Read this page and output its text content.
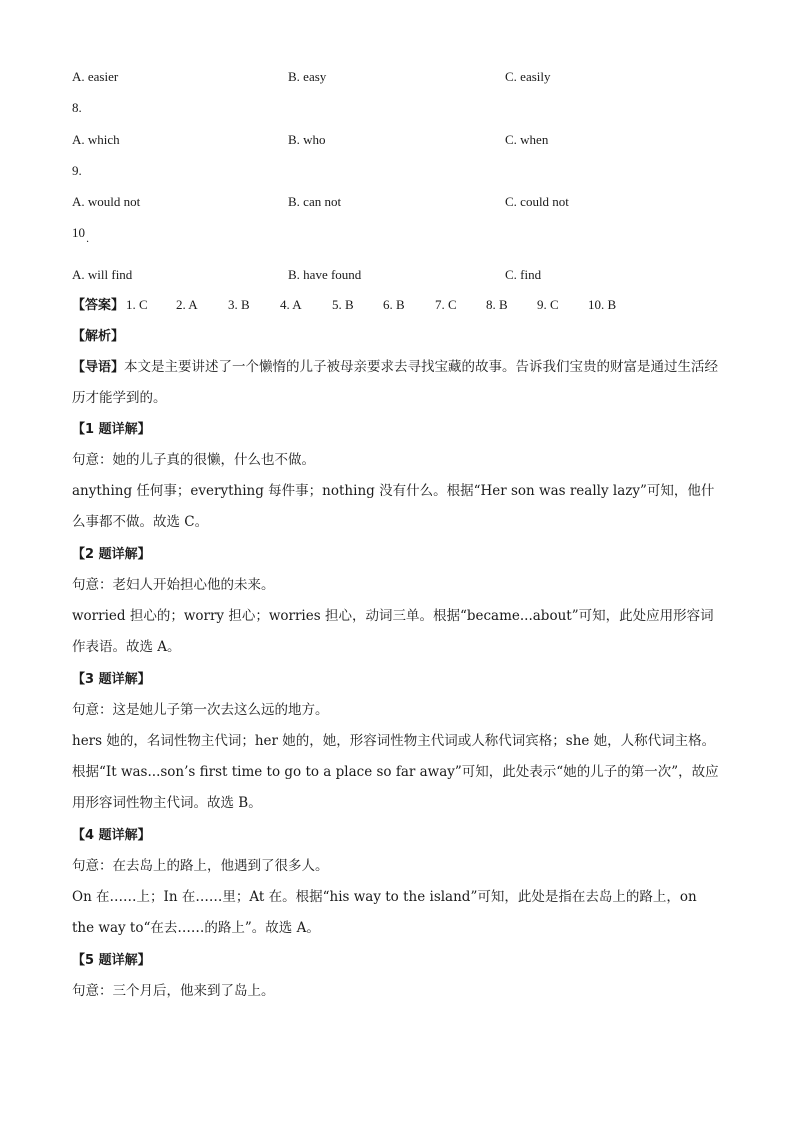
A. easier	B. easy	C. easily
8.
A. which	B. who	C. when
9.
A. would not	B. can not	C. could not
10
·
A. will find	B. have found	C. find
【答案】 1. C 2. A 3. B 4. A 5. B 6. B 7. C 8. B 9. C 10. B
【解析】
【导语】本文是主要讲述了一个懒惰的儿子被母亲要求去寻找宝藏的故事。告诉我们宝贵的财富是通过生活经历才能学到的。
【1 题详解】
句意：她的儿子真的很懒，什么也不做。
anything 任何事；everything 每件事；nothing 没有什么。根据“Her son was really lazy”可知，他什么事都不做。故选 C。
【2 题详解】
句意：老妇人开始担心他的未来。
worried 担心的；worry 担心；worries 担心，动词三单。根据“became...about”可知，此处应用形容词作表语。故选 A。
【3 题详解】
句意：这是她儿子第一次去这么远的地方。
hers 她的，名词性物主代词；her 她的，她，形容词性物主代词或人称代词宾格；she 她，人称代词主格。根据“It was...son’s first time to go to a place so far away”可知，此处表示“她的儿子的第一次”，故应用形容词性物主代词。故选 B。
【4 题详解】
句意：在去岛上的路上，他遇到了很多人。
On 在……上；In 在……里；At 在。根据“his way to the island”可知，此处是指在去岛上的路上，on the way to“在去……的路上”。故选 A。
【5 题详解】
句意：三个月后，他来到了岛上。
